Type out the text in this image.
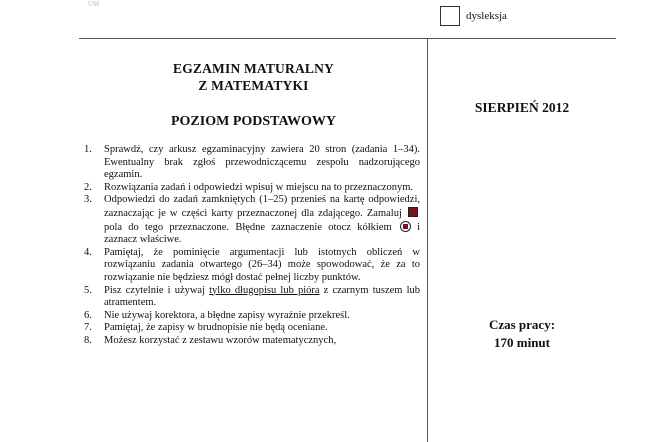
UM
dysleksja
EGZAMIN MATURALNY
Z MATEMATYKI
POZIOM PODSTAWOWY
SIERPIEŃ 2012
Czas pracy:
170 minut
1.	Sprawdź, czy arkusz egzaminacyjny zawiera 20 stron (zadania 1–34). Ewentualny brak zgłoś przewodniczącemu zespołu nadzorującego egzamin.
2.	Rozwiązania zadań i odpowiedzi wpisuj w miejscu na to przeznaczonym.
3.	Odpowiedzi do zadań zamkniętych (1–25) przenieś na kartę odpowiedzi, zaznaczając je w części karty przeznaczonej dla zdającego. Zamaluj  pola do tego przeznaczone. Błędne zaznaczenie otocz kółkiem i zaznacz właściwe.
4.	Pamiętaj, że pominięcie argumentacji lub istotnych obliczeń w rozwiązaniu zadania otwartego (26–34) może spowodować, że za to rozwiązanie nie będziesz mógł dostać pełnej liczby punktów.
5.	Pisz czytelnie i używaj tylko długopisu lub pióra z czarnym tuszem lub atramentem.
6.	Nie używaj korektora, a błędne zapisy wyraźnie przekreśl.
7.	Pamiętaj, że zapisy w brudnopisie nie będą oceniane.
8.	Możesz korzystać z zestawu wzorów matematycznych,
